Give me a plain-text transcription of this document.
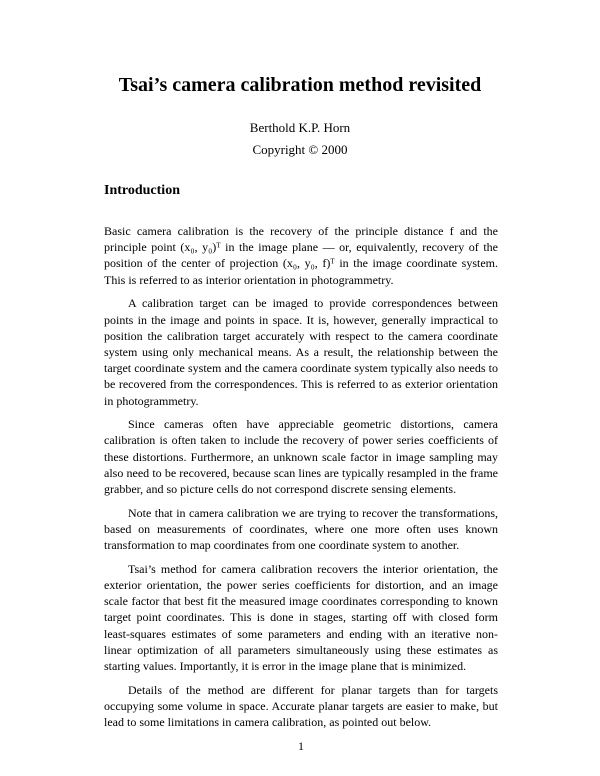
Tsai’s camera calibration method revisited
Berthold K.P. Horn
Copyright © 2000
Introduction

Basic camera calibration is the recovery of the principle distance f and the principle point (x₀, y₀)ᵀ in the image plane — or, equivalently, recovery of the position of the center of projection (x₀, y₀, f)ᵀ in the image coordinate system. This is referred to as interior orientation in photogrammetry.

A calibration target can be imaged to provide correspondences between points in the image and points in space. It is, however, generally impractical to position the calibration target accurately with respect to the camera coordinate system using only mechanical means. As a result, the relationship between the target coordinate system and the camera coordinate system typically also needs to be recovered from the correspondences. This is referred to as exterior orientation in photogrammetry.

Since cameras often have appreciable geometric distortions, camera calibration is often taken to include the recovery of power series coefficients of these distortions. Furthermore, an unknown scale factor in image sampling may also need to be recovered, because scan lines are typically resampled in the frame grabber, and so picture cells do not correspond discrete sensing elements.

Note that in camera calibration we are trying to recover the transformations, based on measurements of coordinates, where one more often uses known transformation to map coordinates from one coordinate system to another.

Tsai’s method for camera calibration recovers the interior orientation, the exterior orientation, the power series coefficients for distortion, and an image scale factor that best fit the measured image coordinates corresponding to known target point coordinates. This is done in stages, starting off with closed form least-squares estimates of some parameters and ending with an iterative non-linear optimization of all parameters simultaneously using these estimates as starting values. Importantly, it is error in the image plane that is minimized.

Details of the method are different for planar targets than for targets occupying some volume in space. Accurate planar targets are easier to make, but lead to some limitations in camera calibration, as pointed out below.

1
